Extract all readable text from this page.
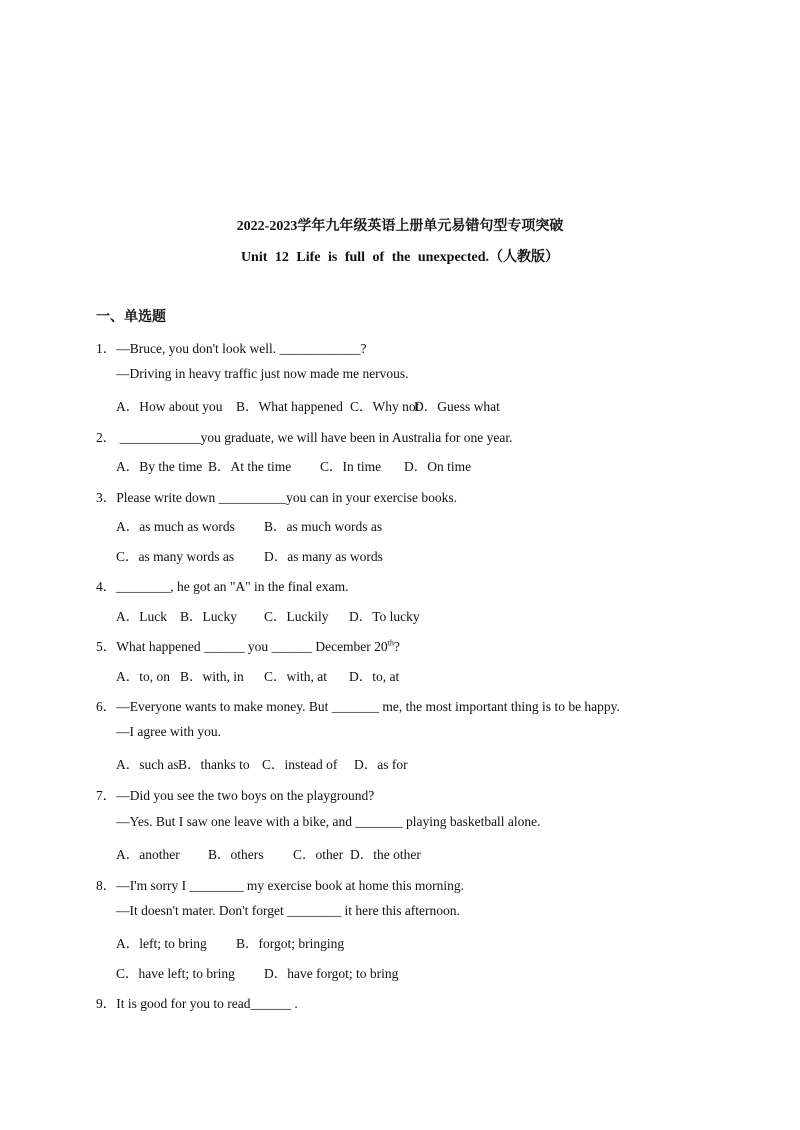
2022-2023学年九年级英语上册单元易错句型专项突破
Unit 12 Life is full of the unexpected.（人教版）
一、单选题
1．—Bruce, you don't look well. ____________?
—Driving in heavy traffic just now made me nervous.
A．How about you	B．What happened C．Why not
D．Guess what
2． ____________you graduate, we will have been in Australia for one year.
A．By the time B．At the time	C．In time	D．On time
3．Please write down __________you can in your exercise books.
A．as much as words	B．as much words as
C．as many words as	D．as many as words
4．________, he got an "A" in the final exam.
A．Luck B．Lucky	C．Luckily	D．To lucky
5．What happened ______ you ______ December 20th?
A．to, on B．with, in	C．with, at	D．to, at
6．—Everyone wants to make money. But _______ me, the most important thing is to be happy.
—I agree with you.
A．such as B．thanks to C．instead of	D．as for
7．—Did you see the two boys on the playground?
—Yes. But I saw one leave with a bike, and _______ playing basketball alone.
A．another	B．others	C．other D．the other
8．—I'm sorry I ________ my exercise book at home this morning.
—It doesn't mater. Don't forget ________ it here this afternoon.
A．left; to bring	B．forgot; bringing
C．have left; to bring	D．have forgot; to bring
9．It is good for you to read______ .
